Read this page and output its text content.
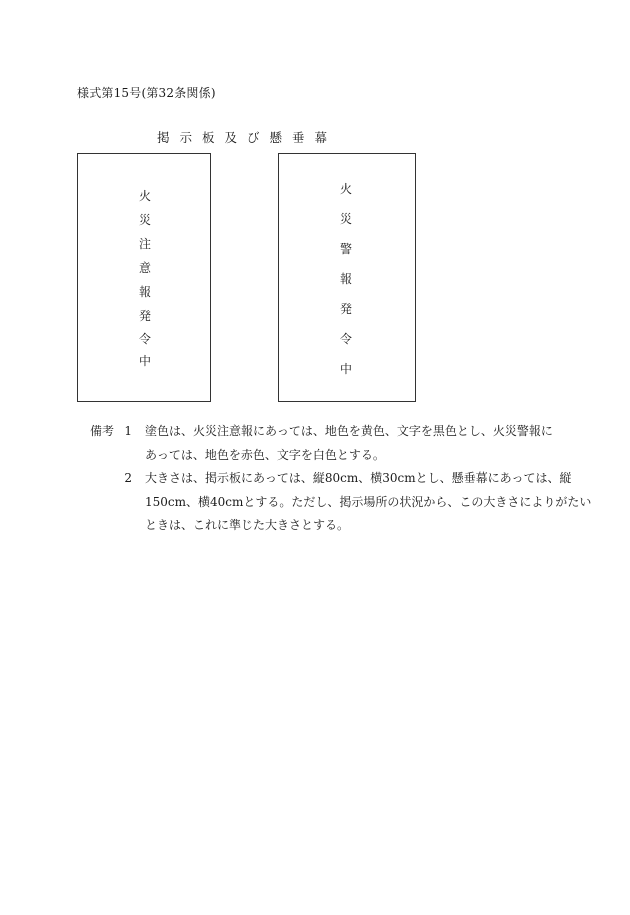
様式第15号(第32条関係)
掲示板及び懸垂幕
火
災
注
意
報
発
令
中
火
災
警
報
発
令
中
備考 1 塗色は、火災注意報にあっては、地色を黄色、文字を黒色とし、火災警報に
あっては、地色を赤色、文字を白色とする。
2 大きさは、掲示板にあっては、縦80cm、横30cmとし、懸垂幕にあっては、縦
150cm、横40cmとする。ただし、掲示場所の状況から、この大きさによりがたい
ときは、これに準じた大きさとする。
